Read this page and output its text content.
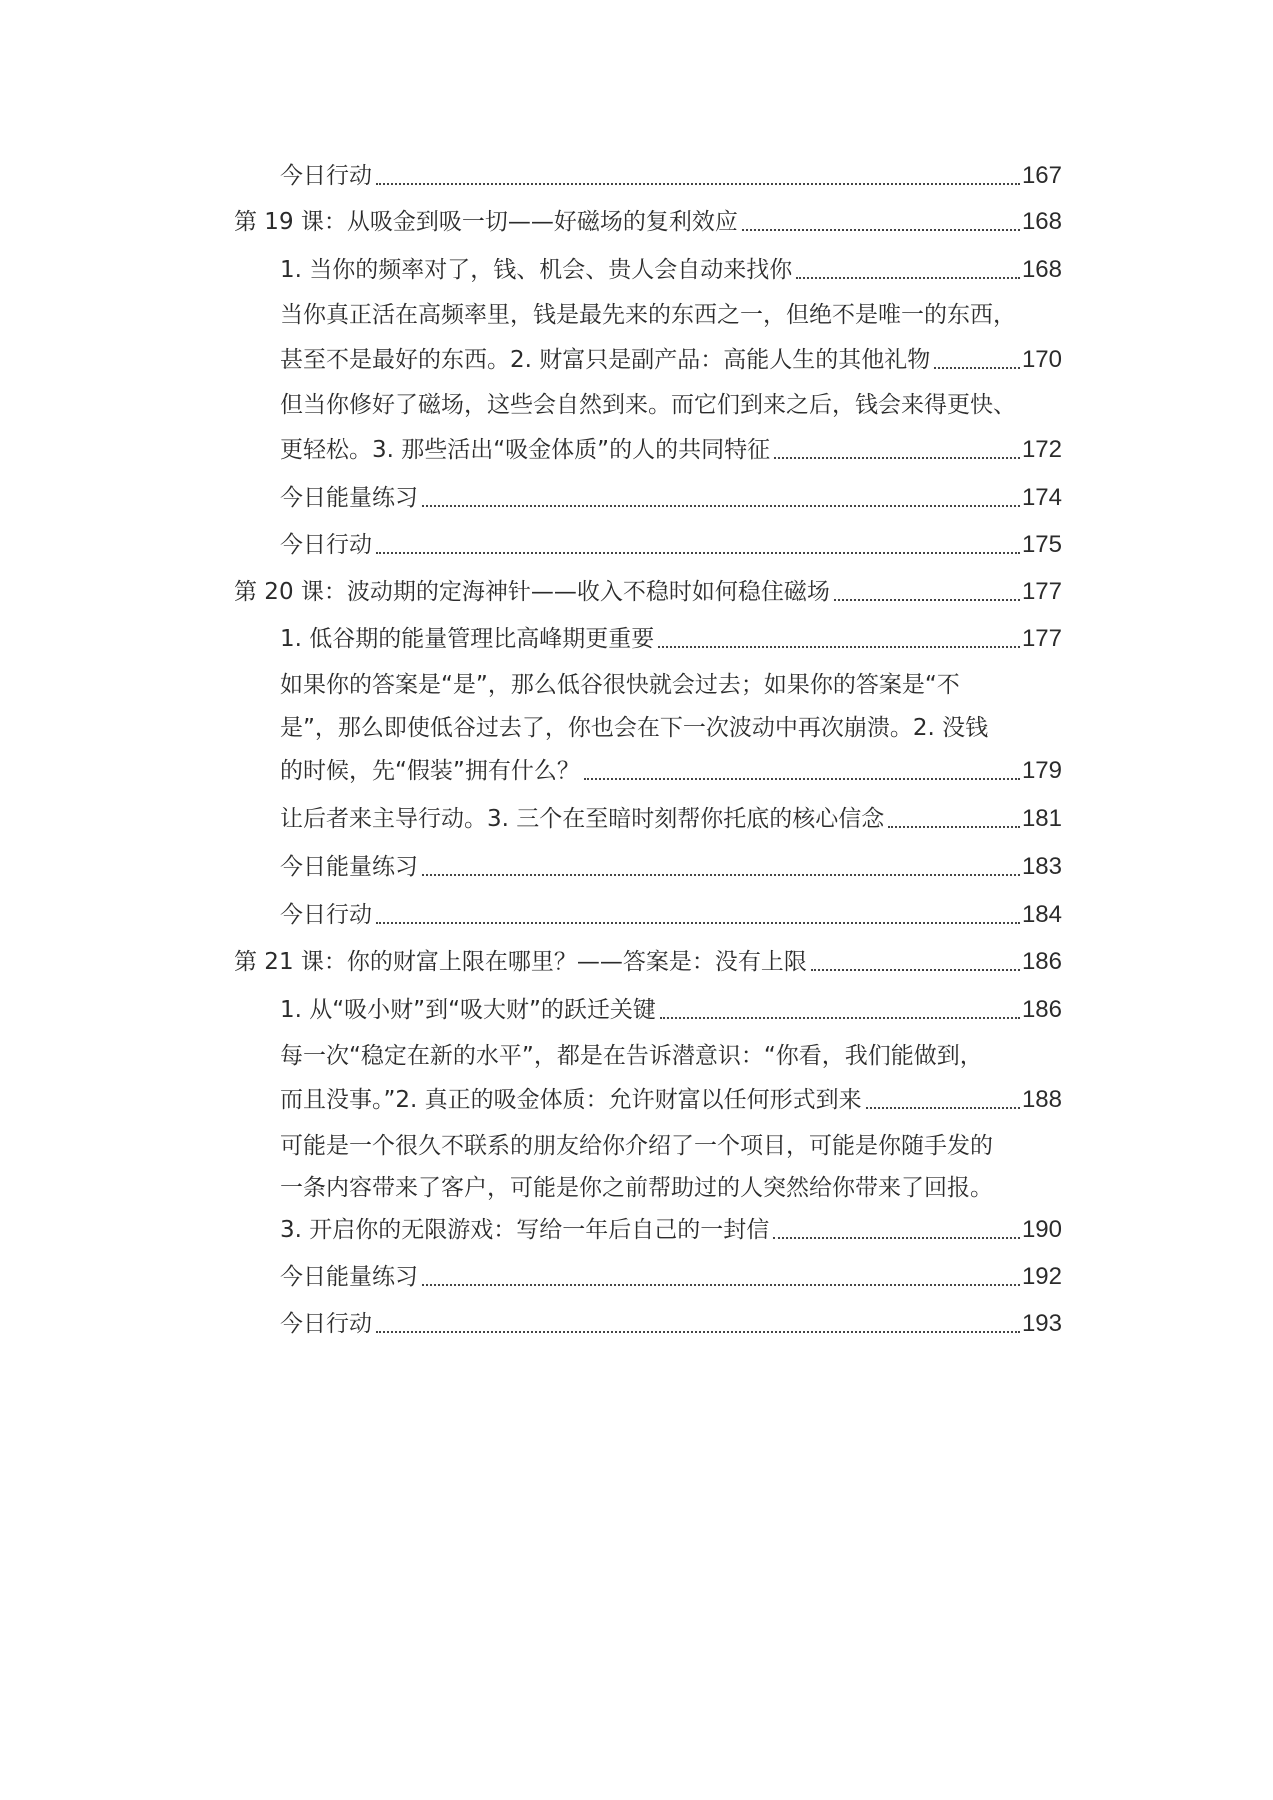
今日行动	167
第 19 课：从吸金到吸一切——好磁场的复利效应	168
1. 当你的频率对了，钱、机会、贵人会自动来找你	168
当你真正活在高频率里，钱是最先来的东西之一，但绝不是唯一的东西，
甚至不是最好的东西。2. 财富只是副产品：高能人生的其他礼物	170
但当你修好了磁场，这些会自然到来。而它们到来之后，钱会来得更快、
更轻松。3. 那些活出“吸金体质”的人的共同特征	172
今日能量练习	174
今日行动	175
第 20 课：波动期的定海神针——收入不稳时如何稳住磁场	177
1. 低谷期的能量管理比高峰期更重要	177
如果你的答案是“是”，那么低谷很快就会过去；如果你的答案是“不
是”，那么即使低谷过去了，你也会在下一次波动中再次崩溃。2. 没钱
的时候，先“假装”拥有什么？	179
让后者来主导行动。3. 三个在至暗时刻帮你托底的核心信念	181
今日能量练习	183
今日行动	184
第 21 课：你的财富上限在哪里？——答案是：没有上限	186
1. 从“吸小财”到“吸大财”的跃迁关键	186
每一次“稳定在新的水平”，都是在告诉潜意识：“你看，我们能做到，
而且没事。”2. 真正的吸金体质：允许财富以任何形式到来	188
可能是一个很久不联系的朋友给你介绍了一个项目，可能是你随手发的
一条内容带来了客户，可能是你之前帮助过的人突然给你带来了回报。
3. 开启你的无限游戏：写给一年后自己的一封信	190
今日能量练习	192
今日行动	193
